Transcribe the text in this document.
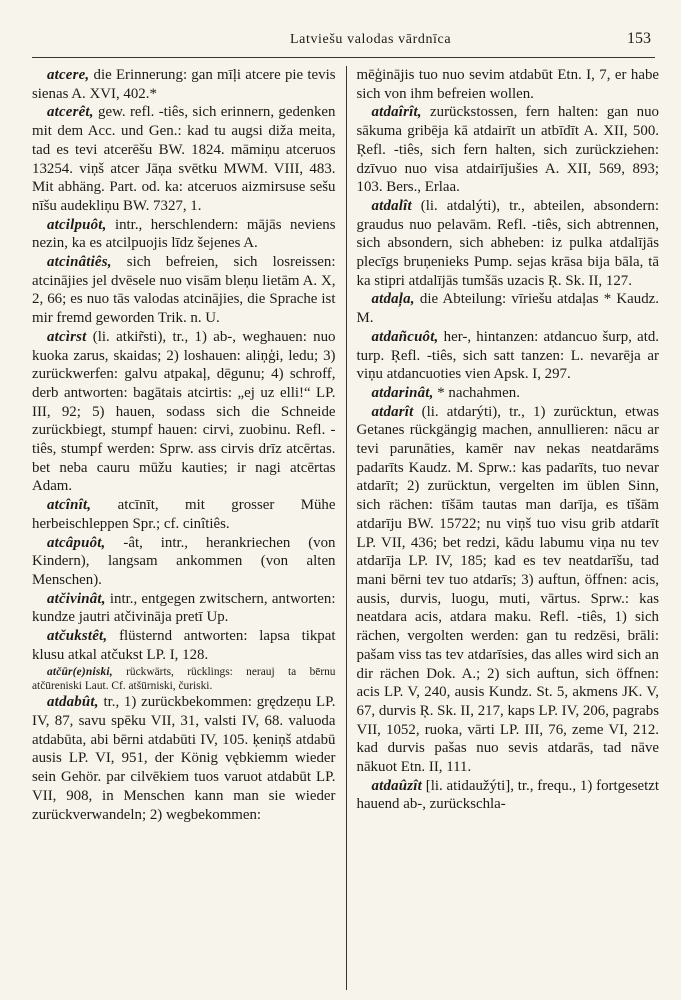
Latviešu valodas vārdnīca	153

atcere, die Erinnerung: gan mīļi atcere pie tevis sienas A. XVI, 402.*

atcerêt, gew. refl. -tiês, sich erinnern, gedenken mit dem Acc. und Gen.: kad tu augsi diža meita, tad es tevi atcerēšu BW. 1824. māmiņu atceruos 13254. viņš atcer Jāņa svētku MWM. VIII, 483. Mit abhäng. Part. od. ka: atceruos aizmirsuse sešu nīšu audekliņu BW. 7327, 1.

atcilpuôt, intr., herschlendern: mājās neviens nezin, ka es atcilpuojis līdz šejenes A.

atcinâtiês, sich befreien, sich losreissen: atcinājies jel dvēsele nuo visām bleņu lietām A. X, 2, 66; es nuo tās valodas atcinājies, die Sprache ist mir fremd geworden Trik. n. U.

atcìrst (li. atkir̃sti), tr., 1) ab-, weghauen: nuo kuoka zarus, skaidas; 2) loshauen: aliņģi, ledu; 3) zurückwerfen: galvu atpakaļ, dēgunu; 4) schroff, derb antworten: bagātais atcirtis: „ej uz elli!“ LP. III, 92; 5) hauen, sodass sich die Schneide zurückbiegt, stumpf hauen: cirvi, zuobinu. Refl. -tiês, stumpf werden: Sprw. ass cirvis drīz atcērtas. bet neba cauru mūžu kauties; ir nagi atcērtas Adam.

atcînît, atcīnīt, mit grosser Mühe herbeischleppen Spr.; cf. cinîtiês.

atcâpuôt, -ât, intr., herankriechen (von Kindern), langsam ankommen (von alten Menschen).

atčivinât, intr., entgegen zwitschern, antworten: kundze jautri atčivināja pretī Up.

atčukstêt, flüsternd antworten: lapsa tikpat klusu atkal atčukst LP. I, 128.

atčūr(e)niski, rückwärts, rücklings: nerauj ta bērnu atčūreniski Laut. Cf. atšūrniski, čuriski.

atdabût, tr., 1) zurückbekommen: grędzeņu LP. IV, 87, savu spēku VII, 31, valsti IV, 68. valuoda atdabūta, abi bērni atdabūti IV, 105. ķeniņš atdabū ausis LP. VI, 951, der König vębkiemm wieder sein Gehör. par cilvēkiem tuos varuot atdabūt LP. VII, 908, in Menschen kann man sie wieder zurückverwandeln; 2) wegbekommen:

mēģinājis tuo nuo sevim atdabūt Etn. I, 7, er habe sich von ihm befreien wollen.

atdaîrît, zurückstossen, fern halten: gan nuo sākuma gribēja kā atdairīt un atbīdīt A. XII, 500. Ŗefl. -tiês, sich fern halten, sich zurückziehen: dzīvuo nuo visa atdairījušies A. XII, 569, 893; 103. Bers., Erlaa.

atdalît (li. atdalýti), tr., abteilen, absondern: graudus nuo pelavām. Refl. -tiês, sich abtrennen, sich absondern, sich abheben: iz pulka atdalījās plecīgs bruņenieks Pump. sejas krāsa bija bāla, tā ka stipri atdalījās tumšās uzacis Ŗ. Sk. II, 127.

atdaļa, die Abteilung: vīriešu atdaļas * Kaudz. M.

atdañcuôt, her-, hintanzen: atdancuo šurp, atd. turp. Ŗefl. -tiês, sich satt tanzen: L. nevarēja ar viņu atdancuoties vien Apsk. I, 297.

atdarinât, * nachahmen.

atdarît (li. atdarýti), tr., 1) zurücktun, etwas Getanes rückgängig machen, annullieren: nācu ar tevi parunāties, kamēr nav nekas neatdarāms padarīts Kaudz. M. Sprw.: kas padarīts, tuo nevar atdarīt; 2) zurücktun, vergelten im üblen Sinn, sich rächen: tīšām tautas man darīja, es tīšām atdarīju BW. 15722; nu viņš tuo visu grib atdarīt LP. VII, 436; bet redzi, kādu labumu viņa nu tev atdarīja LP. IV, 185; kad es tev neatdarīšu, tad mani bērni tev tuo atdarīs; 3) auftun, öffnen: acis, ausis, durvis, luogu, muti, vārtus. Sprw.: kas neatdara acis, atdara maku. Refl. -tiês, 1) sich rächen, vergolten werden: gan tu redzēsi, brāli: pašam viss tas tev atdarīsies, das alles wird sich an dir rächen Dok. A.; 2) sich auftun, sich öffnen: acis LP. V, 240, ausis Kundz. St. 5, akmens JK. V, 67, durvis Ŗ. Sk. II, 217, kaps LP. IV, 206, pagrabs VII, 1052, ruoka, vārti LP. III, 76, zeme VI, 212. kad durvis pašas nuo sevis atdarās, tad nāve nākuot Etn. II, 111.

atdaûzît [li. atidaužýti], tr., frequ., 1) fortgesetzt hauend ab-, zurückschla-
